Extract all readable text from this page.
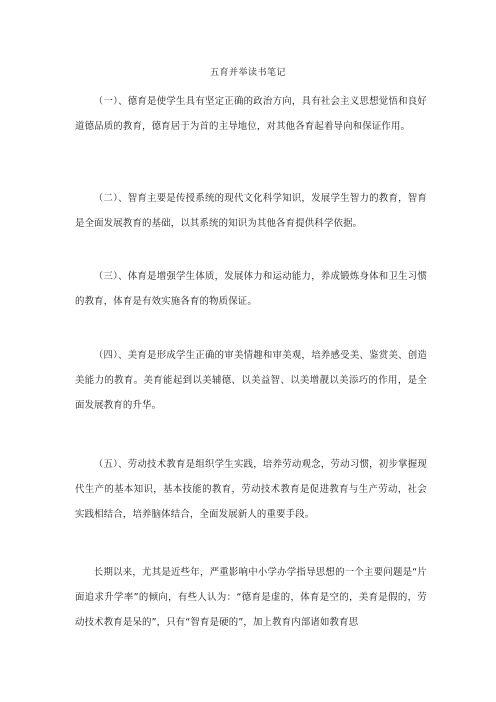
五育并举读书笔记

（一）、德育是使学生具有坚定正确的政治方向，具有社会主义思想觉悟和良好道德品质的教育，德育居于为首的主导地位，对其他各育起着导向和保证作用。

（二）、智育主要是传授系统的现代文化科学知识，发展学生智力的教育，智育是全面发展教育的基础，以其系统的知识为其他各育提供科学依据。

（三）、体育是增强学生体质，发展体力和运动能力，养成锻炼身体和卫生习惯的教育，体育是有效实施各育的物质保证。

（四）、美育是形成学生正确的审美情趣和审美观，培养感受美、鉴赏美、创造美能力的教育。美育能起到以美辅德、以美益智、以美增靓以美添巧的作用，是全面发展教育的升华。

（五）、劳动技术教育是组织学生实践，培养劳动观念，劳动习惯，初步掌握现代生产的基本知识，基本技能的教育，劳动技术教育是促进教育与生产劳动，社会实践相结合，培养脑体结合，全面发展新人的重要手段。

长期以来，尤其是近些年，严重影响中小学办学指导思想的一个主要问题是“片面追求升学率”的倾向，有些人认为：“德育是虚的，体育是空的，美育是假的，劳动技术教育是呆的”，只有“智育是硬的”，加上教育内部诸如教育思
